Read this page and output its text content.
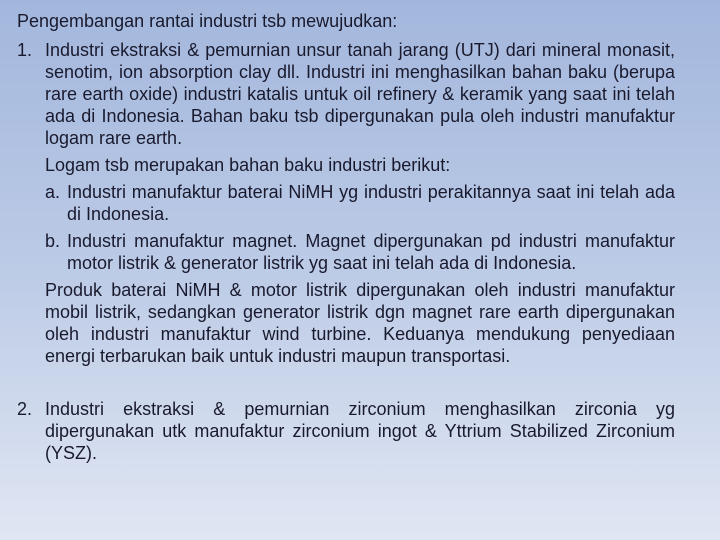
Pengembangan rantai industri tsb mewujudkan:
1. Industri ekstraksi & pemurnian unsur tanah jarang (UTJ) dari mineral monasit, senotim, ion absorption clay dll. Industri ini menghasilkan bahan baku (berupa rare earth oxide) industri katalis untuk oil refinery & keramik yang saat ini telah ada di Indonesia. Bahan baku tsb dipergunakan pula oleh industri manufaktur logam rare earth.

Logam tsb merupakan bahan baku industri berikut:

a. Industri manufaktur baterai NiMH yg industri perakitannya saat ini telah ada di Indonesia.
b. Industri manufaktur magnet. Magnet dipergunakan pd industri manufaktur motor listrik & generator listrik yg saat ini telah ada di Indonesia.

Produk baterai NiMH & motor listrik dipergunakan oleh industri manufaktur mobil listrik, sedangkan generator listrik dgn magnet rare earth dipergunakan oleh industri manufaktur wind turbine. Keduanya mendukung penyediaan energi terbarukan baik untuk industri maupun transportasi.

2. Industri ekstraksi & pemurnian zirconium menghasilkan zirconia yg dipergunakan utk manufaktur zirconium ingot & Yttrium Stabilized Zirconium (YSZ).
